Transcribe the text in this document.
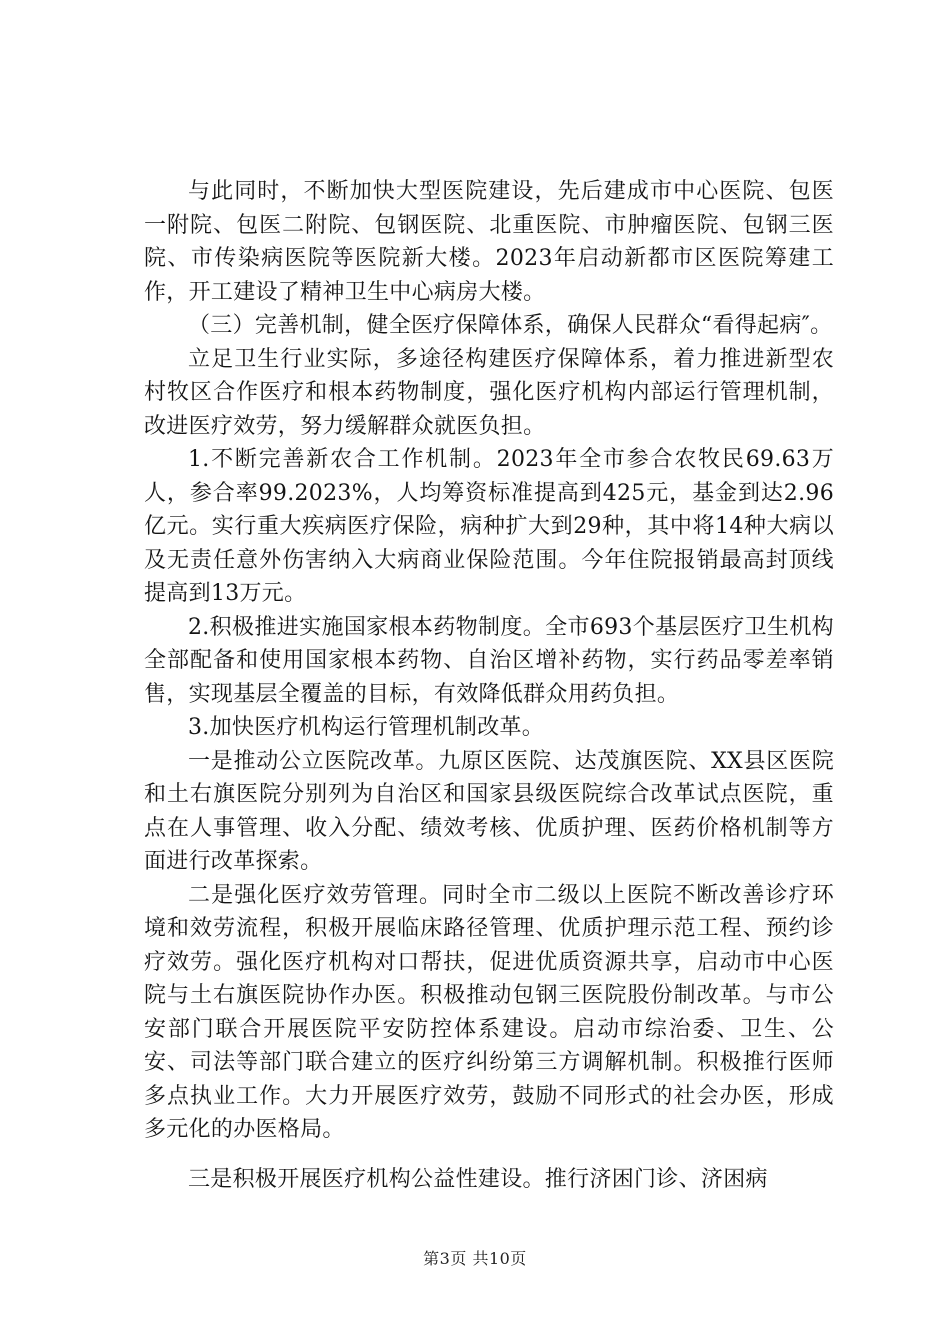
与此同时，不断加快大型医院建设，先后建成市中心医院、包医一附院、包医二附院、包钢医院、北重医院、市肿瘤医院、包钢三医院、市传染病医院等医院新大楼。2023年启动新都市区医院筹建工作，开工建设了精神卫生中心病房大楼。

（三）完善机制，健全医疗保障体系，确保人民群众“看得起病″。

立足卫生行业实际，多途径构建医疗保障体系，着力推进新型农村牧区合作医疗和根本药物制度，强化医疗机构内部运行管理机制，改进医疗效劳，努力缓解群众就医负担。

1.不断完善新农合工作机制。2023年全市参合农牧民69.63万人，参合率99.2023%，人均筹资标准提高到425元，基金到达2.96亿元。实行重大疾病医疗保险，病种扩大到29种，其中将14种大病以及无责任意外伤害纳入大病商业保险范围。今年住院报销最高封顶线提高到13万元。

2.积极推进实施国家根本药物制度。全市693个基层医疗卫生机构全部配备和使用国家根本药物、自治区增补药物，实行药品零差率销售，实现基层全覆盖的目标，有效降低群众用药负担。

3.加快医疗机构运行管理机制改革。

一是推动公立医院改革。九原区医院、达茂旗医院、XX县区医院和土右旗医院分别列为自治区和国家县级医院综合改革试点医院，重点在人事管理、收入分配、绩效考核、优质护理、医药价格机制等方面进行改革探索。

二是强化医疗效劳管理。同时全市二级以上医院不断改善诊疗环境和效劳流程，积极开展临床路径管理、优质护理示范工程、预约诊疗效劳。强化医疗机构对口帮扶，促进优质资源共享，启动市中心医院与土右旗医院协作办医。积极推动包钢三医院股份制改革。与市公安部门联合开展医院平安防控体系建设。启动市综治委、卫生、公安、司法等部门联合建立的医疗纠纷第三方调解机制。积极推行医师多点执业工作。大力开展医疗效劳，鼓励不同形式的社会办医，形成多元化的办医格局。

三是积极开展医疗机构公益性建设。推行济困门诊、济困病

第3页 共10页
